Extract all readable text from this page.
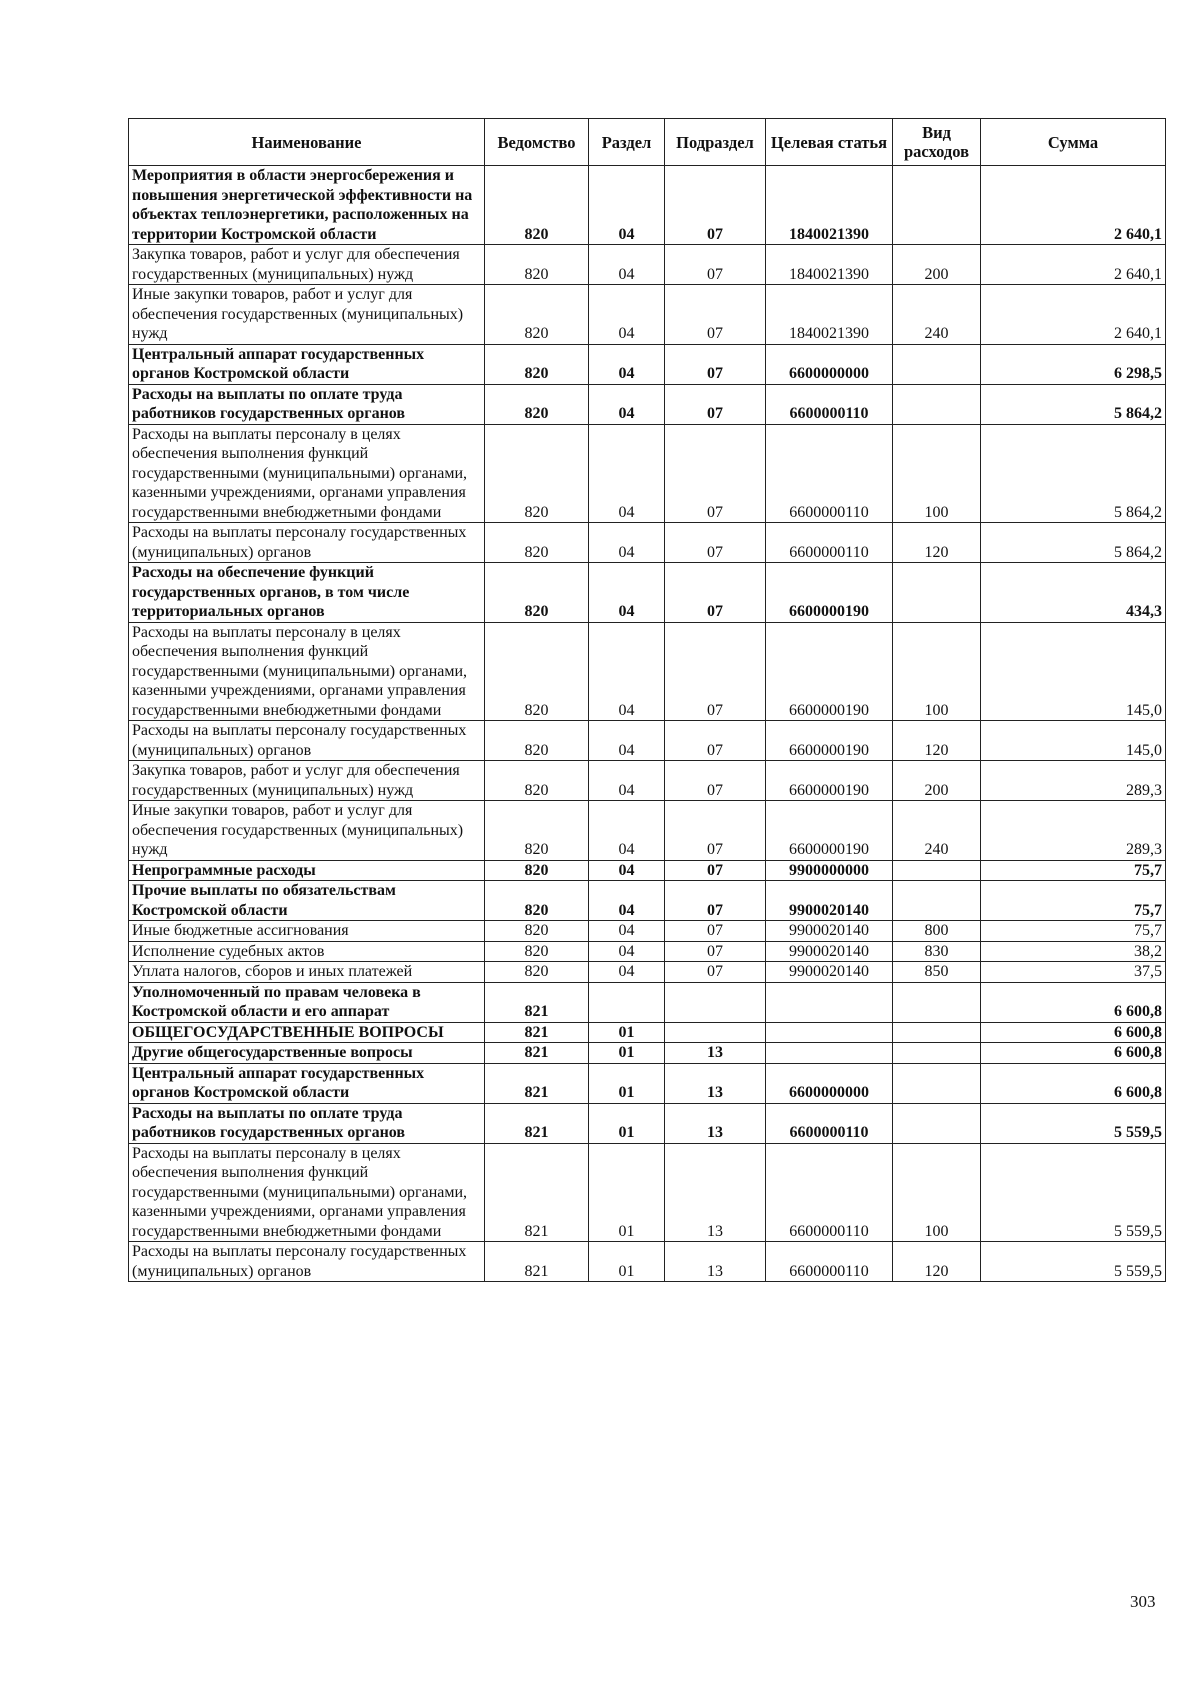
Наименование	Ведомство	Раздел	Подраздел	Целевая статья	Вид расходов	Сумма
Мероприятия в области энергосбережения и повышения энергетической эффективности на объектах теплоэнергетики, расположенных на территории Костромской области	820	04	07	1840021390		2 640,1
Закупка товаров, работ и услуг для обеспечения государственных (муниципальных) нужд	820	04	07	1840021390	200	2 640,1
Иные закупки товаров, работ и услуг для обеспечения государственных (муниципальных) нужд	820	04	07	1840021390	240	2 640,1
Центральный аппарат государственных органов Костромской области	820	04	07	6600000000		6 298,5
Расходы на выплаты по оплате труда работников государственных органов	820	04	07	6600000110		5 864,2
Расходы на выплаты персоналу в целях обеспечения выполнения функций государственными (муниципальными) органами, казенными учреждениями, органами управления государственными внебюджетными фондами	820	04	07	6600000110	100	5 864,2
Расходы на выплаты персоналу государственных (муниципальных) органов	820	04	07	6600000110	120	5 864,2
Расходы на обеспечение функций государственных органов, в том числе территориальных органов	820	04	07	6600000190		434,3
Расходы на выплаты персоналу в целях обеспечения выполнения функций государственными (муниципальными) органами, казенными учреждениями, органами управления государственными внебюджетными фондами	820	04	07	6600000190	100	145,0
Расходы на выплаты персоналу государственных (муниципальных) органов	820	04	07	6600000190	120	145,0
Закупка товаров, работ и услуг для обеспечения государственных (муниципальных) нужд	820	04	07	6600000190	200	289,3
Иные закупки товаров, работ и услуг для обеспечения государственных (муниципальных) нужд	820	04	07	6600000190	240	289,3
Непрограммные расходы	820	04	07	9900000000		75,7
Прочие выплаты по обязательствам Костромской области	820	04	07	9900020140		75,7
Иные бюджетные ассигнования	820	04	07	9900020140	800	75,7
Исполнение судебных актов	820	04	07	9900020140	830	38,2
Уплата налогов, сборов и иных платежей	820	04	07	9900020140	850	37,5
Уполномоченный по правам человека в Костромской области и его аппарат	821					6 600,8
ОБЩЕГОСУДАРСТВЕННЫЕ ВОПРОСЫ	821	01				6 600,8
Другие общегосударственные вопросы	821	01	13			6 600,8
Центральный аппарат государственных органов Костромской области	821	01	13	6600000000		6 600,8
Расходы на выплаты по оплате труда работников государственных органов	821	01	13	6600000110		5 559,5
Расходы на выплаты персоналу в целях обеспечения выполнения функций государственными (муниципальными) органами, казенными учреждениями, органами управления государственными внебюджетными фондами	821	01	13	6600000110	100	5 559,5
Расходы на выплаты персоналу государственных (муниципальных) органов	821	01	13	6600000110	120	5 559,5
303
